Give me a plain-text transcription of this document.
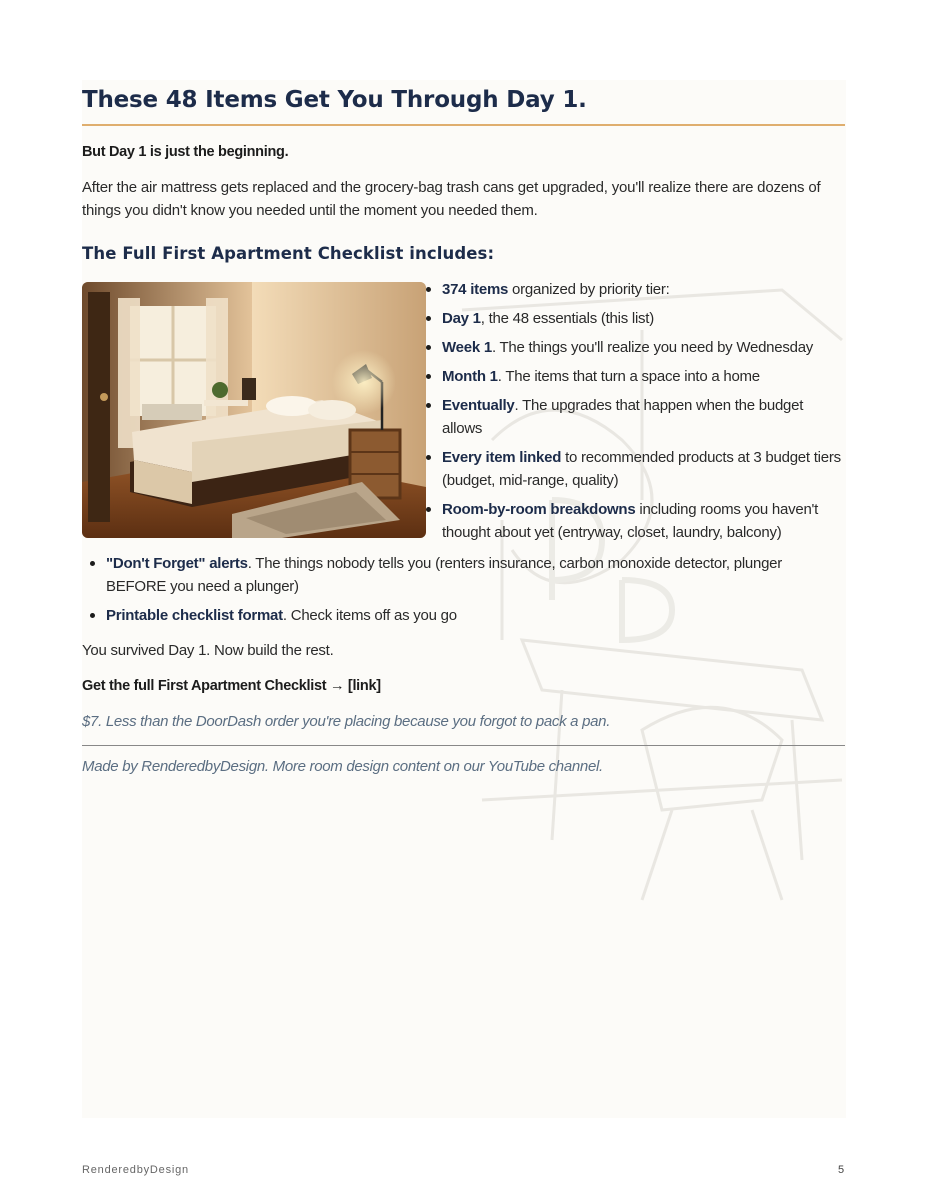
These 48 Items Get You Through Day 1.
But Day 1 is just the beginning.

After the air mattress gets replaced and the grocery-bag trash cans get upgraded, you'll realize there are dozens of things you didn't know you needed until the moment you needed them.

The Full First Apartment Checklist includes:
374 items organized by priority tier:
Day 1, the 48 essentials (this list)
Week 1. The things you'll realize you need by Wednesday
Month 1. The items that turn a space into a home
Eventually. The upgrades that happen when the budget allows
Every item linked to recommended products at 3 budget tiers (budget, mid-range, quality)
Room-by-room breakdowns including rooms you haven't thought about yet (entryway, closet, laundry, balcony)
"Don't Forget" alerts. The things nobody tells you (renters insurance, carbon monoxide detector, plunger BEFORE you need a plunger)
Printable checklist format. Check items off as you go

You survived Day 1. Now build the rest.

Get the full First Apartment Checklist → [link]

$7. Less than the DoorDash order you're placing because you forgot to pack a pan.

Made by RenderedbyDesign. More room design content on our YouTube channel.

RenderedbyDesign	5
